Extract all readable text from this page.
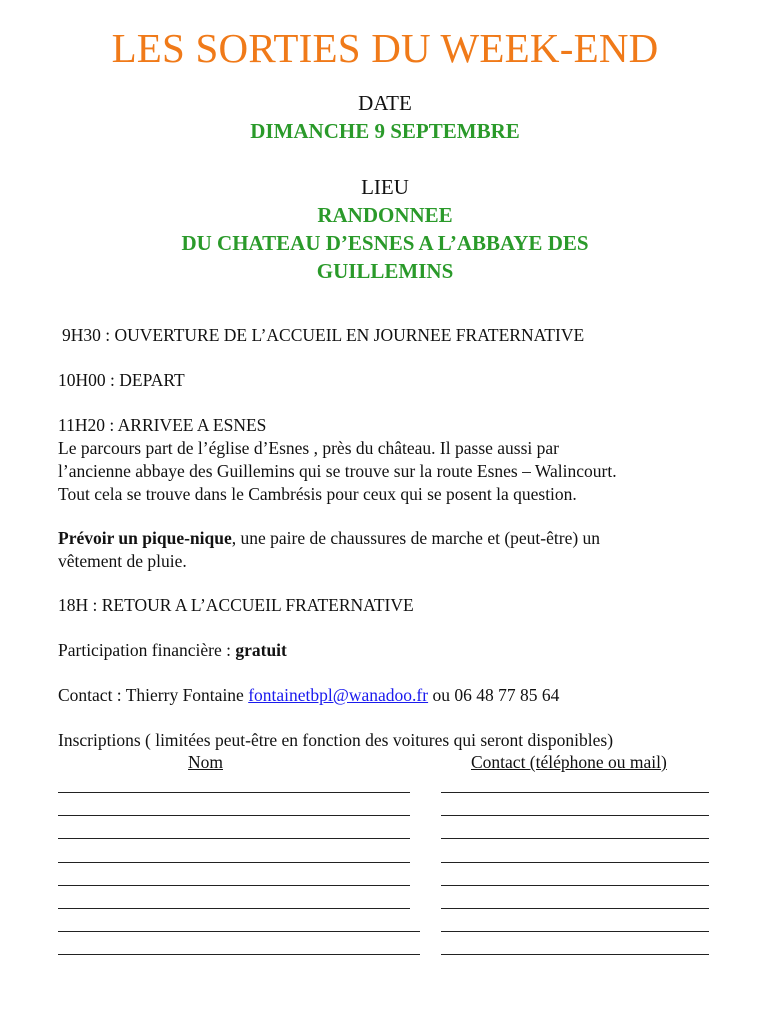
LES SORTIES DU WEEK-END
DATE
DIMANCHE 9 SEPTEMBRE
LIEU
RANDONNEE
DU CHATEAU D’ESNES A L’ABBAYE DES
GUILLEMINS
9H30 : OUVERTURE DE L’ACCUEIL EN JOURNEE FRATERNATIVE
10H00 : DEPART
11H20 : ARRIVEE A ESNES
Le parcours part de l’église d’Esnes , près du château. Il passe aussi par
l’ancienne abbaye des Guillemins qui se trouve sur la route Esnes – Walincourt.
Tout cela se trouve dans le Cambrésis pour ceux qui se posent la question.
Prévoir un pique-nique, une paire de chaussures de marche et (peut-être) un
vêtement de pluie.
18H : RETOUR A L’ACCUEIL FRATERNATIVE
Participation financière : gratuit
Contact : Thierry Fontaine fontainetbpl@wanadoo.fr ou 06 48 77 85 64
Inscriptions ( limitées peut-être en fonction des voitures qui seront disponibles)
Nom	Contact (téléphone ou mail)
